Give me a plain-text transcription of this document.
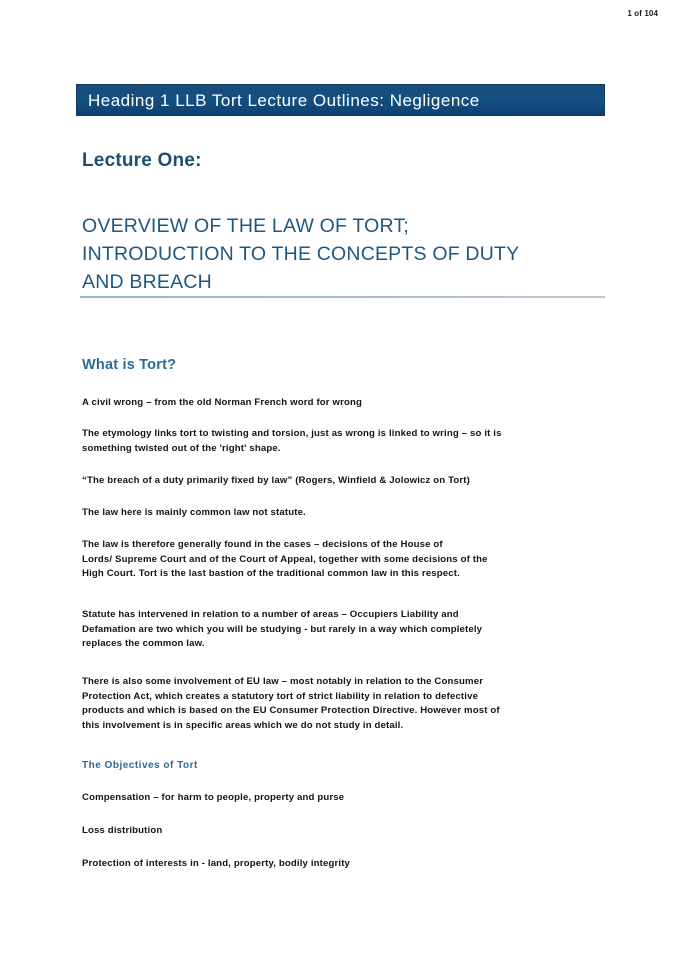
1 of 104
Heading 1 LLB Tort Lecture Outlines: Negligence
Lecture One:
OVERVIEW OF THE LAW OF TORT;
INTRODUCTION TO THE CONCEPTS OF DUTY
AND BREACH
What is Tort?

A civil wrong – from the old Norman French word for wrong

The etymology links tort to twisting and torsion, just as wrong is linked to wring – so it is
something twisted out of the 'right' shape.

“The breach of a duty primarily fixed by law” (Rogers, Winfield & Jolowicz on Tort)

The law here is mainly common law not statute.

The law is therefore generally found in the cases – decisions of the House of
Lords/ Supreme Court and of the Court of Appeal, together with some decisions of the
High Court. Tort is the last bastion of the traditional common law in this respect.

Statute has intervened in relation to a number of areas – Occupiers Liability and
Defamation are two which you will be studying - but rarely in a way which completely
replaces the common law.

There is also some involvement of EU law – most notably in relation to the Consumer
Protection Act, which creates a statutory tort of strict liability in relation to defective
products and which is based on the EU Consumer Protection Directive. However most of
this involvement is in specific areas which we do not study in detail.

The Objectives of Tort

Compensation – for harm to people, property and purse

Loss distribution

Protection of interests in - land, property, bodily integrity
